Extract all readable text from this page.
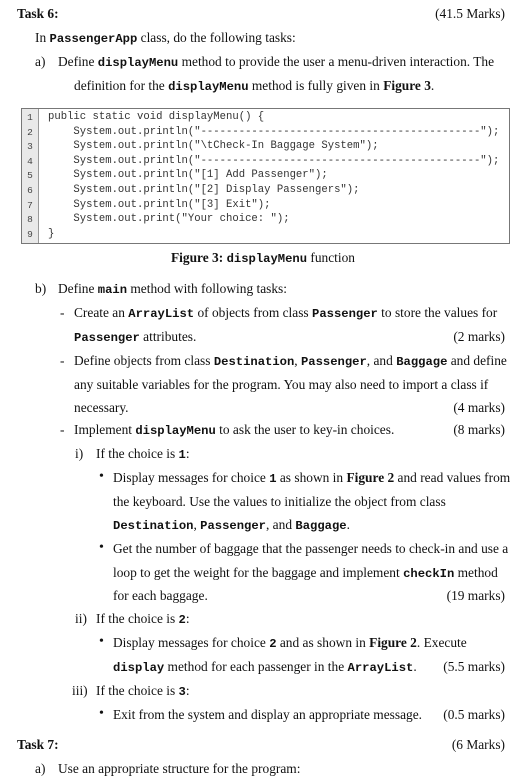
Task 6:	(41.5 Marks)
In PassengerApp class, do the following tasks:
a) Define displayMenu method to provide the user a menu-driven interaction. The
definition for the displayMenu method is fully given in Figure 3.
1
2
3
4
5
6
7
8
9
public static void displayMenu() {
System.out.println("--------------------------------------------");
System.out.println("\tCheck-In Baggage System");
System.out.println("--------------------------------------------");
System.out.println("[1] Add Passenger");
System.out.println("[2] Display Passengers");
System.out.println("[3] Exit");
System.out.print("Your choice: ");
}
Figure 3: displayMenu function
b) Define main method with following tasks:
- Create an ArrayList of objects from class Passenger to store the values for
Passenger attributes.	(2 marks)
- Define objects from class Destination, Passenger, and Baggage and define
any suitable variables for the program. You may also need to import a class if
necessary.	(4 marks)
- Implement displayMenu to ask the user to key-in choices.	(8 marks)
i) If the choice is 1:
• Display messages for choice 1 as shown in Figure 2 and read values from
the keyboard. Use the values to initialize the object from class
Destination, Passenger, and Baggage.
• Get the number of baggage that the passenger needs to check-in and use a
loop to get the weight for the baggage and implement checkIn method
for each baggage.	(19 marks)
ii) If the choice is 2:
• Display messages for choice 2 and as shown in Figure 2. Execute
display method for each passenger in the ArrayList. (5.5 marks)
iii) If the choice is 3:
• Exit from the system and display an appropriate message. (0.5 marks)
Task 7:	(6 Marks)
a) Use an appropriate structure for the program:
